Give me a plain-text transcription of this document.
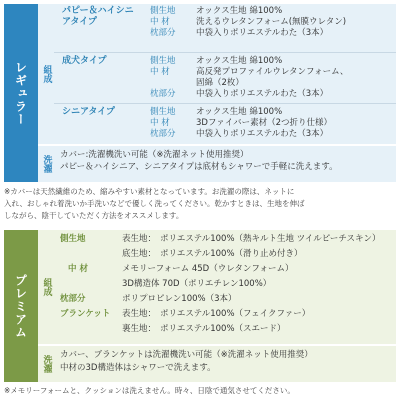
レギュラー	組成
洗濯
パピー＆ハイシニアタイプ
側生地 オックス生地 綿100%
中 材	洗えるウレタンフォーム(無膜ウレタン)
枕部分 中袋入りポリエステルわた（3本）
成犬タイプ	側生地 オックス生地 綿100%
中 材	高反発プロファイルウレタンフォーム、
固綿（2枚）
枕部分 中袋入りポリエステルわた（3本）
シニアタイプ	側生地 オックス生地 綿100%
中 材	3Dファイバー素材（2つ折り仕様）
枕部分 中袋入りポリエステルわた（3本）
カバー:洗濯機洗い可能（※洗濯ネット使用推奨）
パピー＆ハイシニア、シニアタイプは底材もシャワーで手軽に洗えます。
※カバーは天然繊維のため、縮みやすい素材となっています。お洗濯の際は、ネットに
入れ、おしゃれ着洗いか手洗いなどで優しく洗ってください。乾かすときは、生地を伸ば
しながら、陰干していただく方法をオススメします。
プレミアム	組成
洗濯
側生地	表生地： ポリエステル100%（熱キルト生地 ツイルピーチスキン）
底生地： ポリエステル100%（滑り止め付き）
中 材	メモリーフォーム 45D（ウレタンフォーム）
3D構造体 70D（ポリエチレン100%）
枕部分	ポリプロピレン100%（3本）
ブランケット 表生地： ポリエステル100%（フェイクファー）
裏生地： ポリエステル100%（スエード）
カバー、ブランケットは洗濯機洗い可能（※洗濯ネット使用推奨）
中材の3D構造体はシャワーで洗えます。
※メモリーフォームと、クッションは洗えません。時々、日陰で通気させてください。
